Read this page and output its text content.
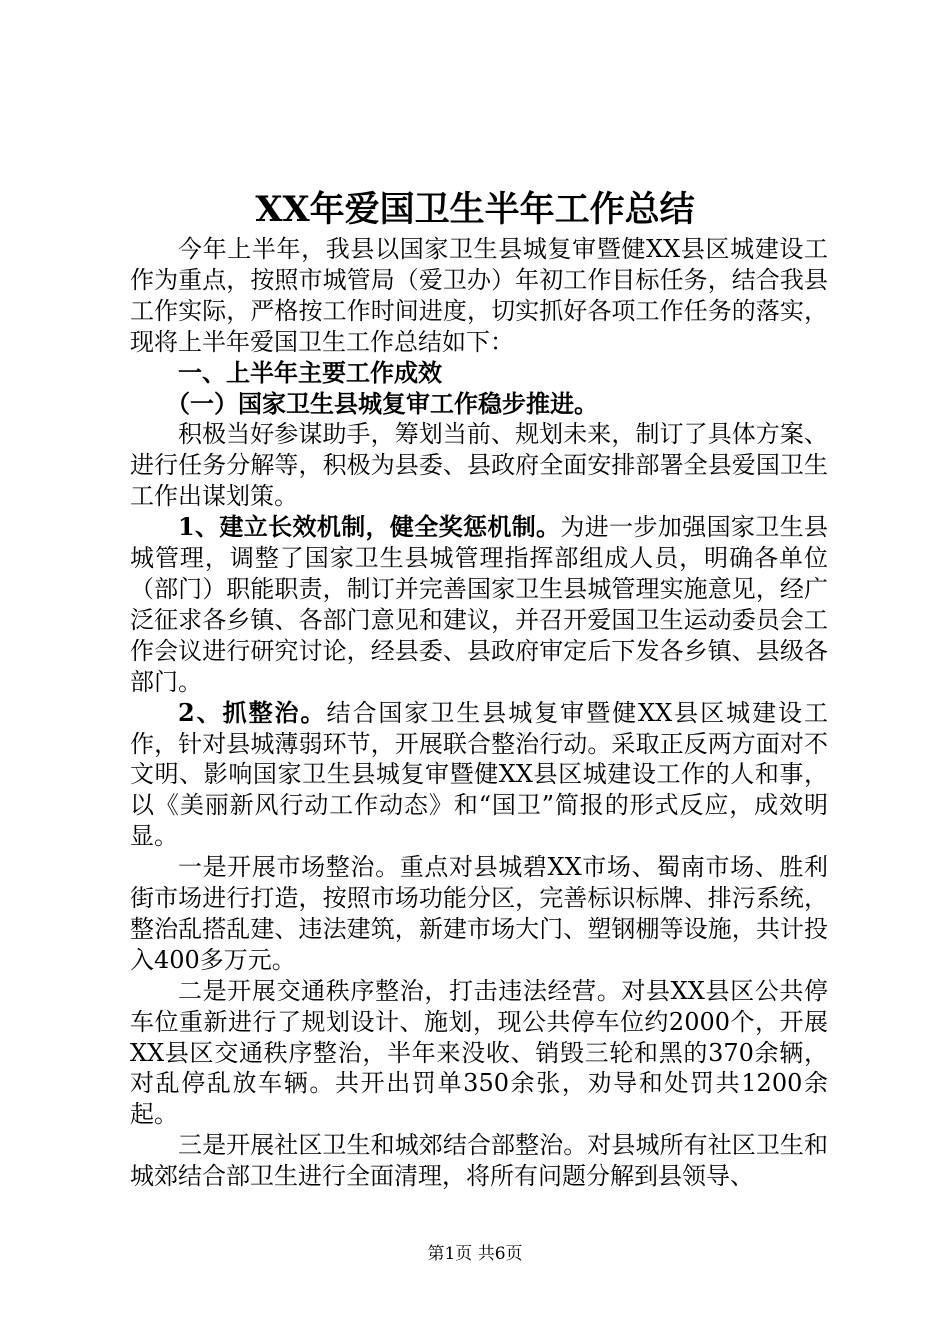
XX年爱国卫生半年工作总结

今年上半年，我县以国家卫生县城复审暨健XX县区城建设工作为重点，按照市城管局（爱卫办）年初工作目标任务，结合我县工作实际，严格按工作时间进度，切实抓好各项工作任务的落实，现将上半年爱国卫生工作总结如下：

一、上半年主要工作成效

（一）国家卫生县城复审工作稳步推进。

积极当好参谋助手，筹划当前、规划未来，制订了具体方案、进行任务分解等，积极为县委、县政府全面安排部署全县爱国卫生工作出谋划策。

1、建立长效机制，健全奖惩机制。为进一步加强国家卫生县城管理，调整了国家卫生县城管理指挥部组成人员，明确各单位（部门）职能职责，制订并完善国家卫生县城管理实施意见，经广泛征求各乡镇、各部门意见和建议，并召开爱国卫生运动委员会工作会议进行研究讨论，经县委、县政府审定后下发各乡镇、县级各部门。

2、抓整治。结合国家卫生县城复审暨健XX县区城建设工作，针对县城薄弱环节，开展联合整治行动。采取正反两方面对不文明、影响国家卫生县城复审暨健XX县区城建设工作的人和事，以《美丽新风行动工作动态》和“国卫”简报的形式反应，成效明显。

一是开展市场整治。重点对县城碧XX市场、蜀南市场、胜利街市场进行打造，按照市场功能分区，完善标识标牌、排污系统，整治乱搭乱建、违法建筑，新建市场大门、塑钢棚等设施，共计投入400多万元。

二是开展交通秩序整治，打击违法经营。对县XX县区公共停车位重新进行了规划设计、施划，现公共停车位约2000个，开展XX县区交通秩序整治，半年来没收、销毁三轮和黑的370余辆，对乱停乱放车辆。共开出罚单350余张，劝导和处罚共1200余起。

三是开展社区卫生和城郊结合部整治。对县城所有社区卫生和城郊结合部卫生进行全面清理，将所有问题分解到县领导、

第1页 共6页
